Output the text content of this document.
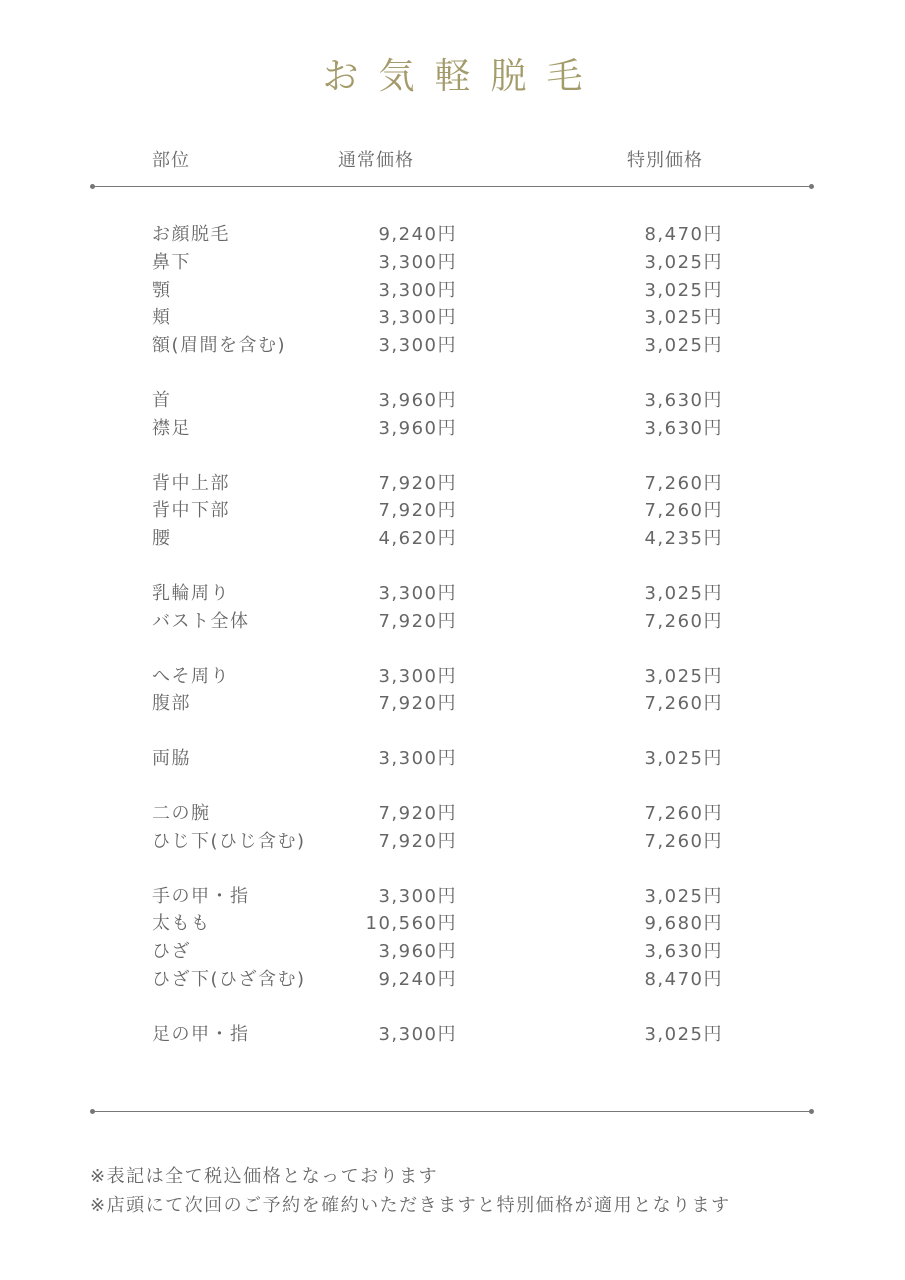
お気軽脱毛
部位	通常価格	特別価格
お顔脱毛	9,240円	8,470円
鼻下	3,300円	3,025円
顎	3,300円	3,025円
頬	3,300円	3,025円
額(眉間を含む)	3,300円	3,025円
首	3,960円	3,630円
襟足	3,960円	3,630円
背中上部	7,920円	7,260円
背中下部	7,920円	7,260円
腰	4,620円	4,235円
乳輪周り	3,300円	3,025円
バスト全体	7,920円	7,260円
へそ周り	3,300円	3,025円
腹部	7,920円	7,260円
両脇	3,300円	3,025円
二の腕	7,920円	7,260円
ひじ下(ひじ含む)	7,920円	7,260円
手の甲・指	3,300円	3,025円
太もも	10,560円	9,680円
ひざ	3,960円	3,630円
ひざ下(ひざ含む)	9,240円	8,470円
足の甲・指	3,300円	3,025円
※表記は全て税込価格となっております
※店頭にて次回のご予約を確約いただきますと特別価格が適用となります
